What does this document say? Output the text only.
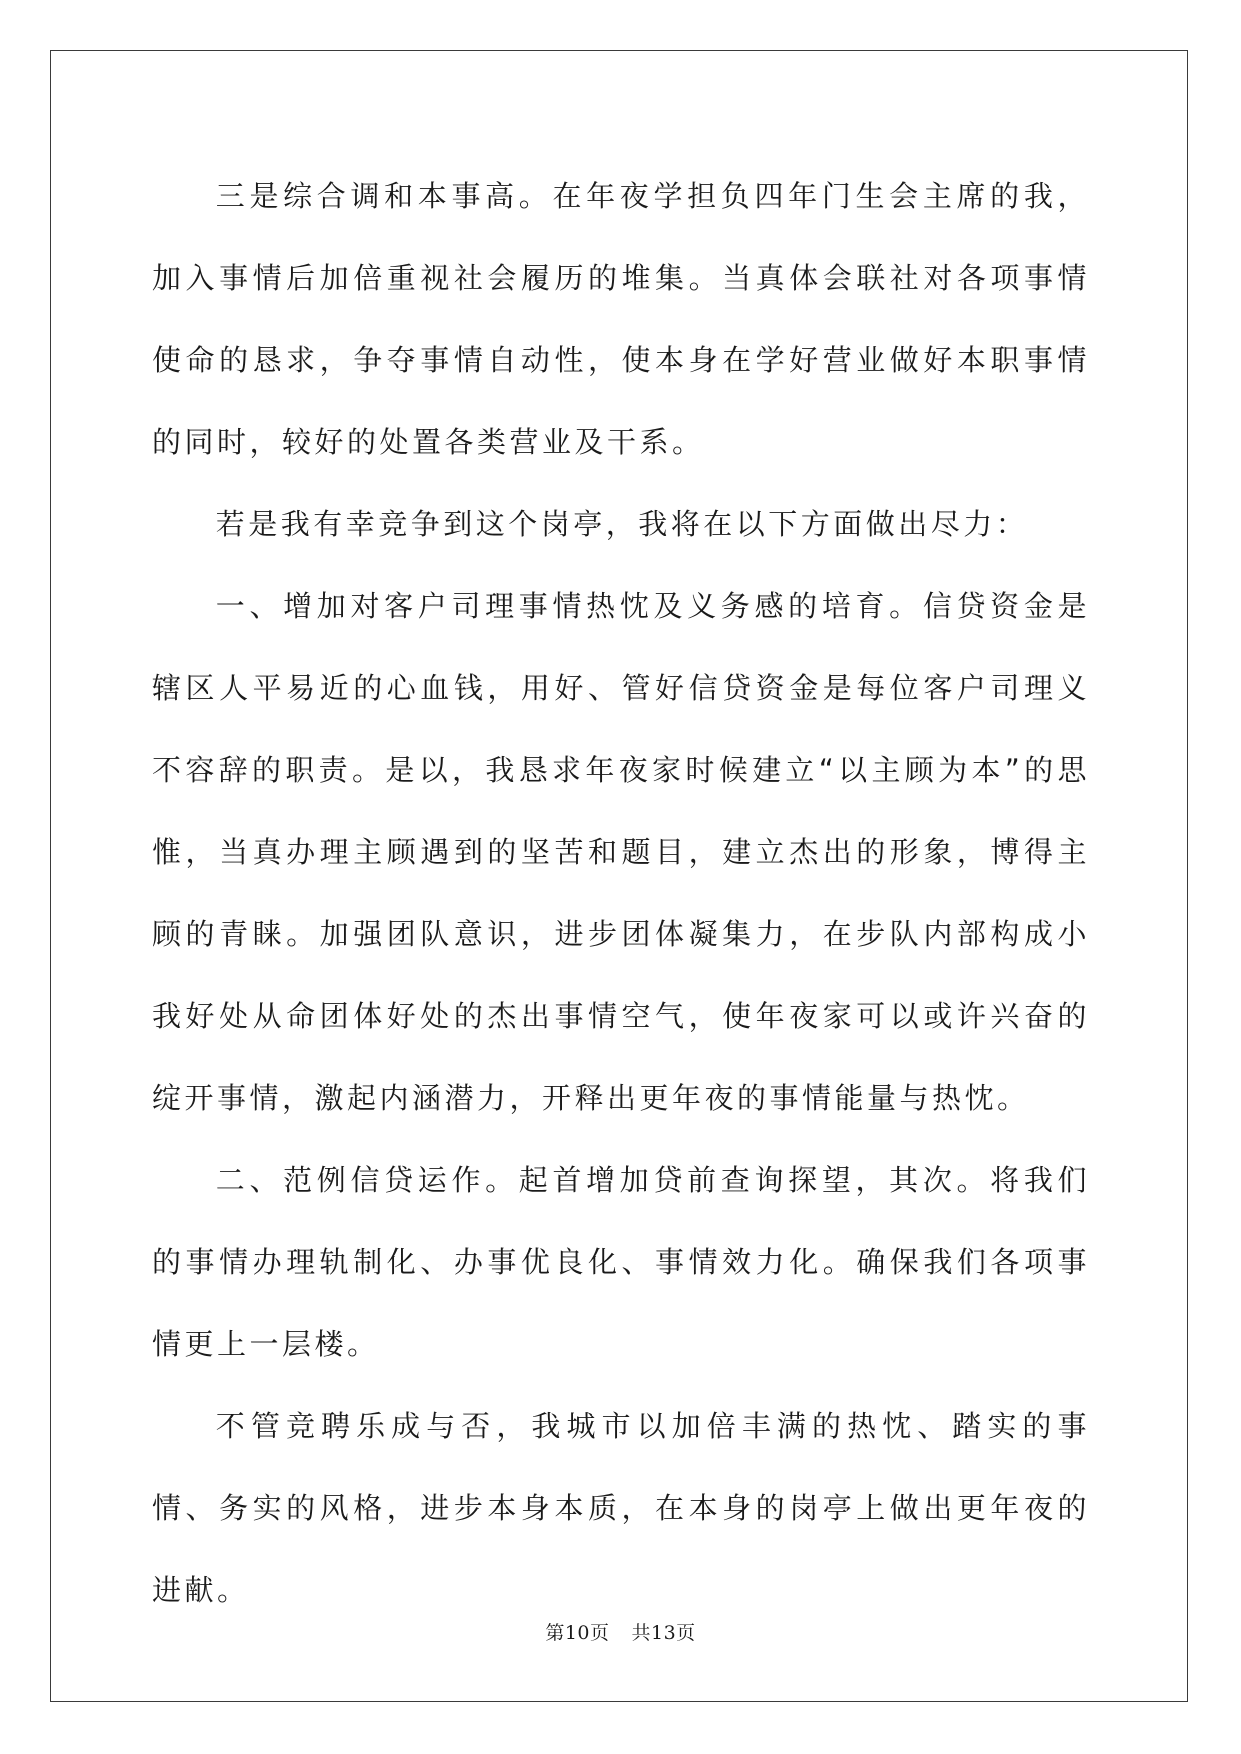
三是综合调和本事高。在年夜学担负四年门生会主席的我，加入事情后加倍重视社会履历的堆集。当真体会联社对各项事情使命的恳求，争夺事情自动性，使本身在学好营业做好本职事情的同时，较好的处置各类营业及干系。

若是我有幸竞争到这个岗亭，我将在以下方面做出尽力：

一、增加对客户司理事情热忱及义务感的培育。信贷资金是辖区人平易近的心血钱，用好、管好信贷资金是每位客户司理义不容辞的职责。是以，我恳求年夜家时候建立“以主顾为本”的思惟，当真办理主顾遇到的坚苦和题目，建立杰出的形象，博得主顾的青睐。加强团队意识，进步团体凝集力，在步队内部构成小我好处从命团体好处的杰出事情空气，使年夜家可以或许兴奋的绽开事情，激起内涵潜力，开释出更年夜的事情能量与热忱。

二、范例信贷运作。起首增加贷前查询探望，其次。将我们的事情办理轨制化、办事优良化、事情效力化。确保我们各项事情更上一层楼。

不管竞聘乐成与否，我城市以加倍丰满的热忱、踏实的事情、务实的风格，进步本身本质，在本身的岗亭上做出更年夜的进献。

第10页 共13页
